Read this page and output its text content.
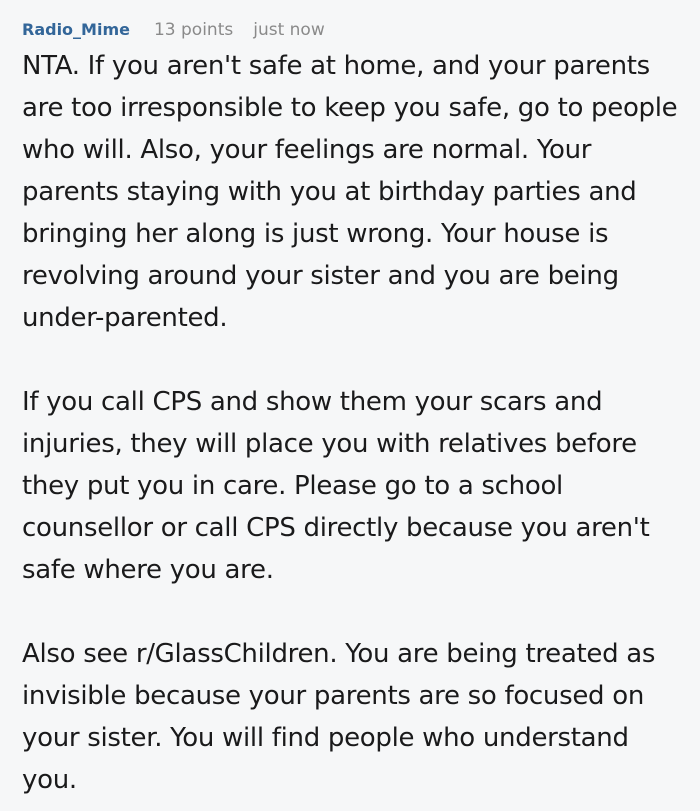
Radio_Mime 13 points just now

NTA. If you aren't safe at home, and your parents are too irresponsible to keep you safe, go to people who will. Also, your feelings are normal. Your parents staying with you at birthday parties and bringing her along is just wrong. Your house is revolving around your sister and you are being under-parented.

If you call CPS and show them your scars and injuries, they will place you with relatives before they put you in care. Please go to a school counsellor or call CPS directly because you aren't safe where you are.

Also see r/GlassChildren. You are being treated as invisible because your parents are so focused on your sister. You will find people who understand you.
